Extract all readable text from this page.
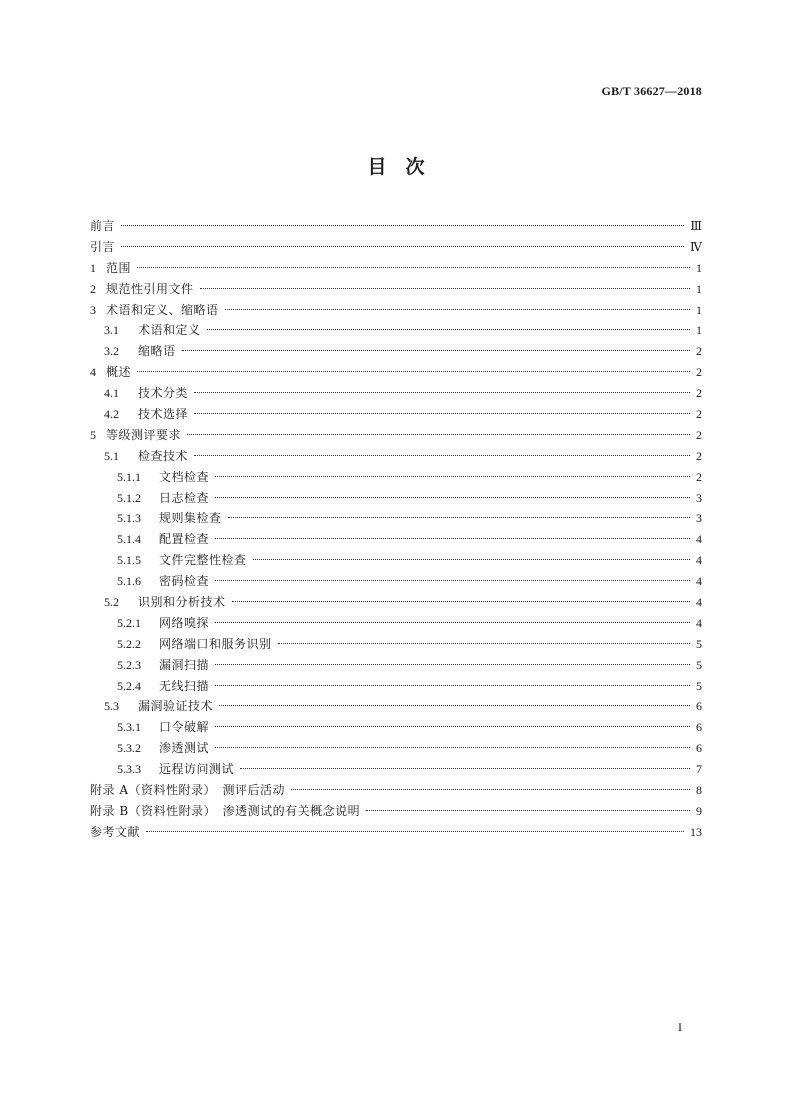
GB/T 36627—2018
目　次
前言	Ⅲ
引言	Ⅳ
1 范围	1
2 规范性引用文件	1
3 术语和定义、缩略语	1
3.1	术语和定义	1
3.2	缩略语	2
4 概述	2
4.1	技术分类	2
4.2	技术选择	2
5 等级测评要求	2
5.1	检查技术	2
5.1.1	文档检查	2
5.1.2	日志检查	3
5.1.3	规则集检查	3
5.1.4	配置检查	4
5.1.5	文件完整性检查	4
5.1.6	密码检查	4
5.2	识别和分析技术	4
5.2.1	网络嗅探	4
5.2.2	网络端口和服务识别	5
5.2.3	漏洞扫描	5
5.2.4	无线扫描	5
5.3	漏洞验证技术	6
5.3.1	口令破解	6
5.3.2	渗透测试	6
5.3.3	远程访问测试	7
附录 A（资料性附录）　测评后活动	8
附录 B（资料性附录）　渗透测试的有关概念说明	9
参考文献	13
I
